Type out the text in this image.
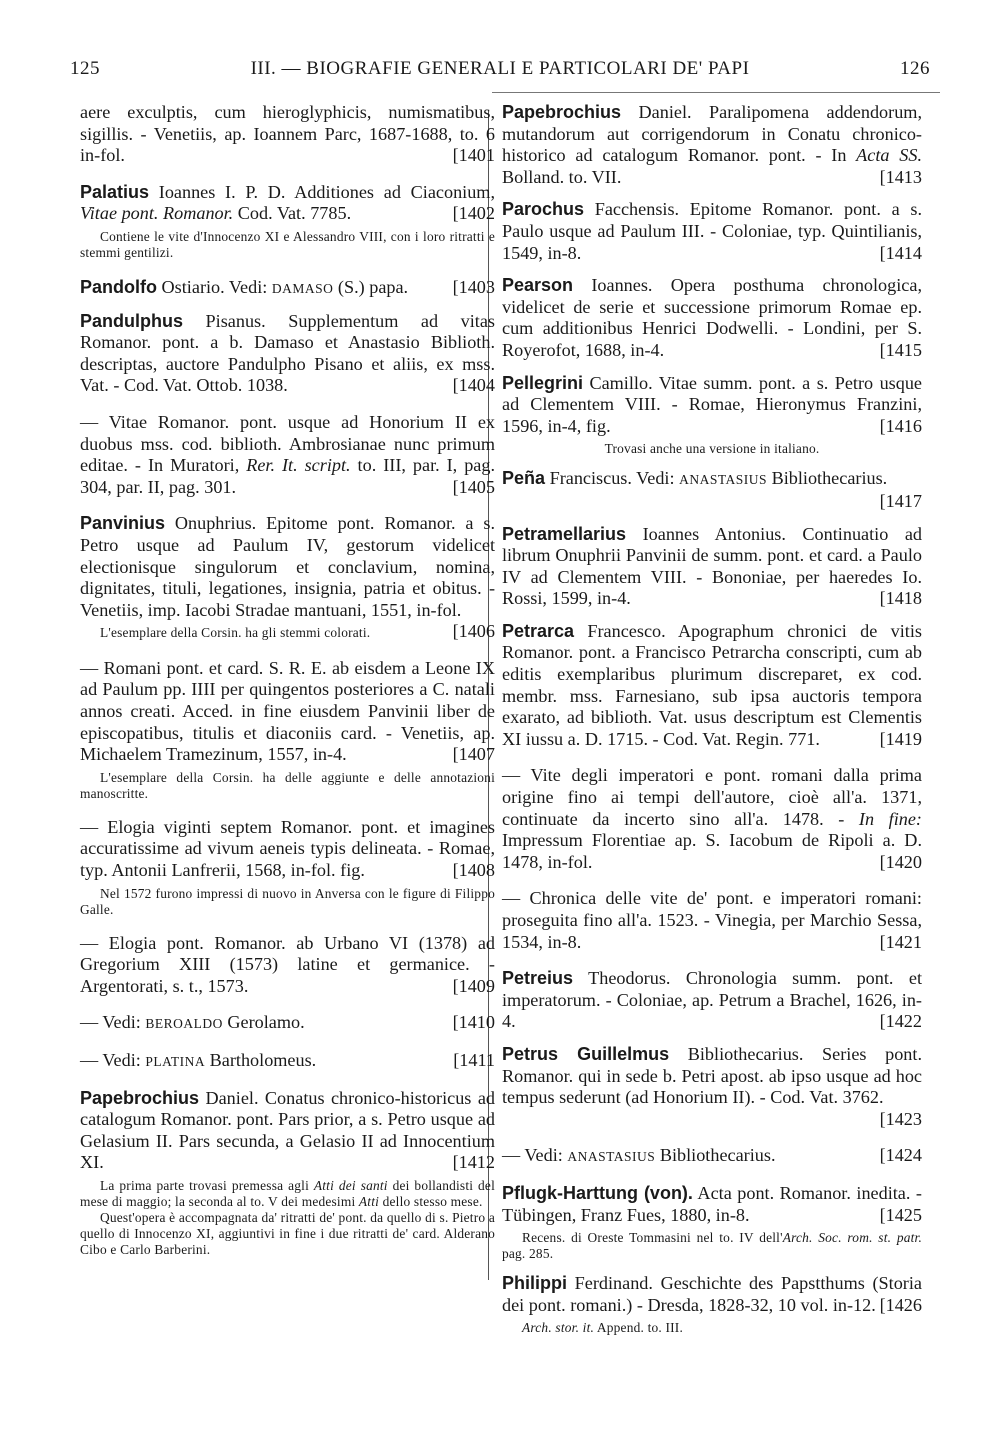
125	III. — BIOGRAFIE GENERALI E PARTICOLARI DE' PAPI	126

aere exculptis, cum hieroglyphicis, numismatibus, sigillis. - Venetiis, ap. Ioannem Parc, 1687-1688, to. 6 in-fol.	[1401

Palatius Ioannes I. P. D. Additiones ad Ciaconium, Vitae pont. Romanor. Cod. Vat. 7785.	[1402

Contiene le vite d'Innocenzo XI e Alessandro VIII, con i loro ritratti e stemmi gentilizi.

Pandolfo Ostiario. Vedi: DAMASO (S.) papa. [1403

Pandulphus Pisanus. Supplementum ad vitas Romanor. pont. a b. Damaso et Anastasio Biblioth. descriptas, auctore Pandulpho Pisano et aliis, ex mss. Vat. - Cod. Vat. Ottob. 1038.	[1404

— Vitae Romanor. pont. usque ad Honorium II ex duobus mss. cod. biblioth. Ambrosianae nunc primum editae. - In Muratori, Rer. It. script. to. III, par. I, pag. 304, par. II, pag. 301.	[1405

Panvinius Onuphrius. Epitome pont. Romanor. a s. Petro usque ad Paulum IV, gestorum videlicet electionisque singulorum et conclavium, nomina, dignitates, tituli, legationes, insignia, patria et obitus. - Venetiis, imp. Iacobi Stradae mantuani, 1551, in-fol.
[1406

L'esemplare della Corsin. ha gli stemmi colorati.

— Romani pont. et card. S. R. E. ab eisdem a Leone IX ad Paulum pp. IIII per quingentos posteriores a C. natali annos creati. Acced. in fine eiusdem Panvinii liber de episcopatibus, titulis et diaconiis card. - Venetiis, ap. Michaelem Tramezinum, 1557, in-4.	[1407

L'esemplare della Corsin. ha delle aggiunte e delle annotazioni manoscritte.

— Elogia viginti septem Romanor. pont. et imagines accuratissime ad vivum aeneis typis delineata. - Romae, typ. Antonii Lanfrerii, 1568, in-fol. fig.	[1408

Nel 1572 furono impressi di nuovo in Anversa con le figure di Filippo Galle.

— Elogia pont. Romanor. ab Urbano VI (1378) ad Gregorium XIII (1573) latine et germanice. - Argentorati, s. t., 1573.	[1409

— Vedi: BEROALDO Gerolamo.	[1410

— Vedi: PLATINA Bartholomeus.	[1411

Papebrochius Daniel. Conatus chronico-historicus ad catalogum Romanor. pont. Pars prior, a s. Petro usque ad Gelasium II. Pars secunda, a Gelasio II ad Innocentium XI.	[1412

La prima parte trovasi premessa agli Atti dei santi dei bollandisti del mese di maggio; la seconda al to. V dei medesimi Atti dello stesso mese.

Quest'opera è accompagnata da' ritratti de' pont. da quello di s. Pietro a quello di Innocenzo XI, aggiuntivi in fine i due ritratti de' card. Alderano Cibo e Carlo Barberini.

Papebrochius Daniel. Paralipomena addendorum, mutandorum aut corrigendorum in Conatu chronico-historico ad catalogum Romanor. pont. - In Acta SS. Bolland. to. VII.	[1413

Parochus Facchensis. Epitome Romanor. pont. a s. Paulo usque ad Paulum III. - Coloniae, typ. Quintilianis, 1549, in-8.	[1414

Pearson Ioannes. Opera posthuma chronologica, videlicet de serie et successione primorum Romae ep. cum additionibus Henrici Dodwelli. - Londini, per S. Royerofot, 1688, in-4.	[1415

Pellegrini Camillo. Vitae summ. pont. a s. Petro usque ad Clementem VIII. - Romae, Hieronymus Franzini, 1596, in-4, fig.	[1416

Trovasi anche una versione in italiano.

Peña Franciscus. Vedi: ANASTASIUS Bibliothecarius.
[1417

Petramellarius Ioannes Antonius. Continuatio ad librum Onuphrii Panvinii de summ. pont. et card. a Paulo IV ad Clementem VIII. - Bononiae, per haeredes Io. Rossi, 1599, in-4.	[1418

Petrarca Francesco. Apographum chronici de vitis Romanor. pont. a Francisco Petrarcha conscripti, cum ab editis exemplaribus plurimum discreparet, ex cod. membr. mss. Farnesiano, sub ipsa auctoris tempora exarato, ad biblioth. Vat. usus descriptum est Clementis XI iussu a. D. 1715. - Cod. Vat. Regin. 771.	[1419

— Vite degli imperatori e pont. romani dalla prima origine fino ai tempi dell'autore, cioè all'a. 1371, continuate da incerto sino all'a. 1478. - In fine: Impressum Florentiae ap. S. Iacobum de Ripoli a. D. 1478, in-fol.	[1420

— Chronica delle vite de' pont. e imperatori romani: proseguita fino all'a. 1523. - Vinegia, per Marchio Sessa, 1534, in-8.	[1421

Petreius Theodorus. Chronologia summ. pont. et imperatorum. - Coloniae, ap. Petrum a Brachel, 1626, in-4.	[1422

Petrus Guillelmus Bibliothecarius. Series pont. Romanor. qui in sede b. Petri apost. ab ipso usque ad hoc tempus sederunt (ad Honorium II). - Cod. Vat. 3762.
[1423

— Vedi: ANASTASIUS Bibliothecarius.	[1424

Pflugk-Harttung (von). Acta pont. Romanor. inedita. - Tübingen, Franz Fues, 1880, in-8.	[1425

Recens. di Oreste Tommasini nel to. IV dell'Arch. Soc. rom. st. patr. pag. 285.

Philippi Ferdinand. Geschichte des Papstthums (Storia dei pont. romani.) - Dresda, 1828-32, 10 vol. in-12. [1426

Arch. stor. it. Append. to. III.
